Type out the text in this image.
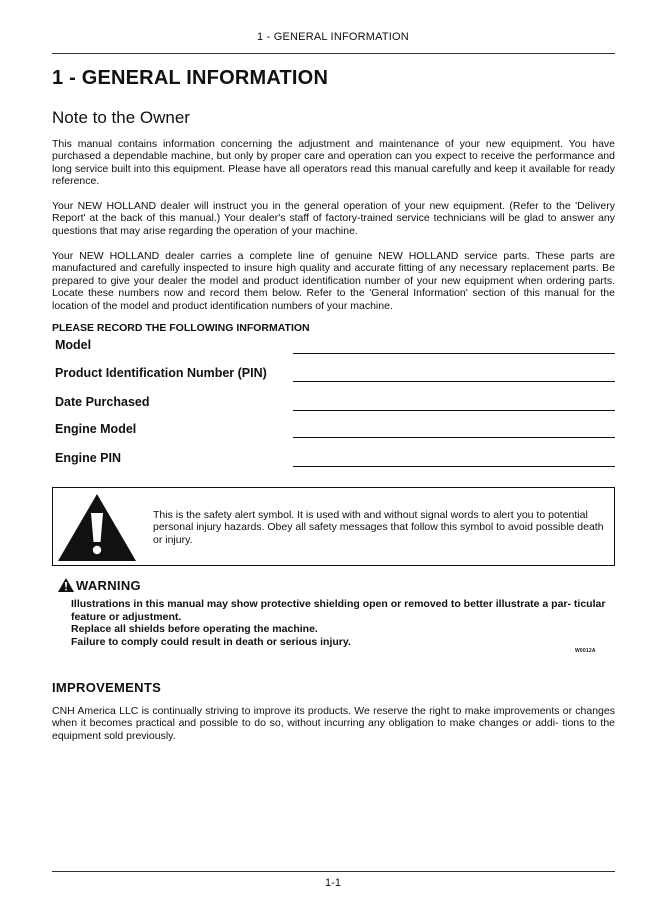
1 - GENERAL INFORMATION
1 - GENERAL INFORMATION
Note to the Owner

This manual contains information concerning the adjustment and maintenance of your new equipment. You have purchased a dependable machine, but only by proper care and operation can you expect to receive the performance and long service built into this equipment. Please have all operators read this manual carefully and keep it available for ready reference.

Your NEW HOLLAND dealer will instruct you in the general operation of your new equipment. (Refer to the 'Delivery Report' at the back of this manual.) Your dealer's staff of factory-trained service technicians will be glad to answer any questions that may arise regarding the operation of your machine.

Your NEW HOLLAND dealer carries a complete line of genuine NEW HOLLAND service parts. These parts are manufactured and carefully inspected to insure high quality and accurate fitting of any necessary replacement parts. Be prepared to give your dealer the model and product identification number of your new equipment when ordering parts. Locate these numbers now and record them below. Refer to the 'General Information' section of this manual for the location of the model and product identification numbers of your machine.

PLEASE RECORD THE FOLLOWING INFORMATION
Model
Product Identification Number (PIN)
Date Purchased
Engine Model
Engine PIN

This is the safety alert symbol. It is used with and without signal words to alert you to potential personal injury hazards. Obey all safety messages that follow this symbol to avoid possible death or injury.

WARNING
Illustrations in this manual may show protective shielding open or removed to better illustrate a par- ticular feature or adjustment.
Replace all shields before operating the machine.
Failure to comply could result in death or serious injury.
W0012A
IMPROVEMENTS

CNH America LLC is continually striving to improve its products. We reserve the right to make improvements or changes when it becomes practical and possible to do so, without incurring any obligation to make changes or addi- tions to the equipment sold previously.

1-1
